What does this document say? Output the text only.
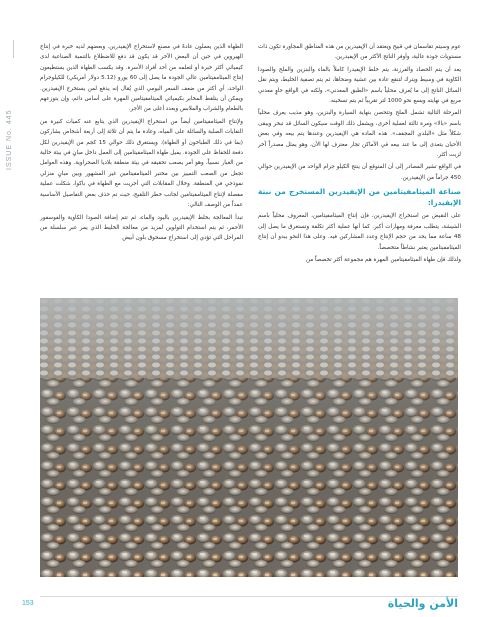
ISSUE No. 445

عوم وسيتم تقاسمان في قبيح ويعتقد أن الإيفيدرين من هذه المناطق المجاورة تكون ذات مستويات جودة عالية، وأوفر الناتج الأكثر من الإيفيدرين.

يعد أن يتم الحصاد والفرزنة، يتم خلط الإيفيدرا كاملاً بالماء والبنزين والملح والصودا الكاوية في وسيط ويترك لتنقع عادة بين عشية وضحاها، ثم يتم تصفية الخليط، ويتم نقل السائل الناتج إلى ما يُعرف محلياً باسم «الطبق المعدني»، ولكنه في الواقع حاوٍ معدني مربع في نهايته ويسع نحو 1000 لتر تقريباً ثم يتم تسخينه.

المرحلة التالية تشمل الملح وتتحصن بنهاية السيارة والبنزين، وهو مذيب يعرف محلياً باسم «بالا» ومرة ثالثة لعملية أخرى، ويشمل ذلك الوقت سيكون السائل قد تبخر ويبقى شكلاً مثل «البلدي المجفف». هذه المادة هي الإيفيدرين وعندها يتم بيعه وفي بعض الأحيان يتعدى إلى ما عند بيعه في الأماكن تجار معترف لها الأن، وهو يمثل مصدراً آخر لزيت أكثر.

في الواقع تشير المصادر إلى أن المتوقع أن ينتج الكيلو جرام الواحد من الإيفيدرين حوالي 450 جراماً من الإيفيدرين.

صناعة الميثامفيتامين من الإيفيدرين المستخرج من نبتة الإيفيدرا:

على النقيض من استخراج الإيفيدرين، فإن إنتاج الميثامفيتامين، المعروف محلياً باسم الشيشة، يتطلب معرفة ومهارات أكبر. كما أنها عملية أكثر تكلفة وتستغرق ما يصل إلى 48 ساعة مما يحد من حجم الإنتاج وعدد المشاركين فيه. وعلى هذا النحو يبدو أن إنتاج الميثامفيتامين يعتبر نشاطاً متخصصاً.

ولذلك فإن طهاة الميثامفيتامين المهرة هم مجموعة أكثر تخصصاً من

الطهاة الذين يعملون عادةً في مصنع لاستخراج الإيفيدرين. وبعضهم لديه خبرة في إنتاج الهيروين في حين أن البعض الآخر قد يكون قد دفع للاضطلاع بالتنمية الصناعية لدى كيميائي أكثر خبرة أو لتعلمه من أحد أفراد الأسرة. وقد يكسب الطهاة الذين يستطيعون إنتاج الميثامفيتامين عالي الجودة ما يصل إلى 60 يورو (5.12 دولار أمريكي) للكيلوجرام الواحد، أي أكثر من ضعف السعر اليومي الذي يُقال إنه يدفع لمن يستخرج الإيفيدرين. ويمكن أن يتلقط المخابر بكيميائي الميثامفيتامين المهرة على أساس دائم، وإن يتوزعهم بالطعام والشراب والملابس وبعدد أعلى من الأجر.

ولإنتاج الميثامفيتامين أيضاً من استخراج الإيفيدرين الذي يتابع عنه كميات كبيرة من النفايات الصلبة والسائلة على المياه، وعادة ما يتم أن ثلاثة إلى أربعة أشخاص يشاركون (بما في ذلك الطباخون أو الطهاة). ويستغرق ذلك حوالي 15 كجم من الإيفيدرين لكل دفعة للحفاظ على الجودة. يميل طهاة الميثامفيتامين إلى العمل داخل مبانٍ في بيئة خالية من الغبار نسبياً، وهو أمر يصعب تحقيقه في بيئة منطقة بلاديا الصحراوية. وهذه العوامل تجعل من الصعب التمييز بين مختبر الميثامفيتامين غير المشهور وبين مبانٍ منزلي نموذجي في المنطقة. وخلال المقابلات التي أجريت مع الطهاة في باكوا، شكلت عملية مفصلة لإنتاج الميثامفيتامين لجانب خطر التلقيح، حيث تم حذف بعض التفاصيل الأساسية عمداً من الوصف التالي:

تبدأ المعالجة بخلط الإيفيدرين باليود والماء، ثم تتم إضافة الصودا الكاوية والفوسفور الأحمر، ثم يتم استخدام التولوين لمزيد من معالجة الخليط الذي يمر عبر سلسلة من المراحل التي تؤدي إلى استخراج مسحوق بلون أبيض

153	الأمن والحياة
